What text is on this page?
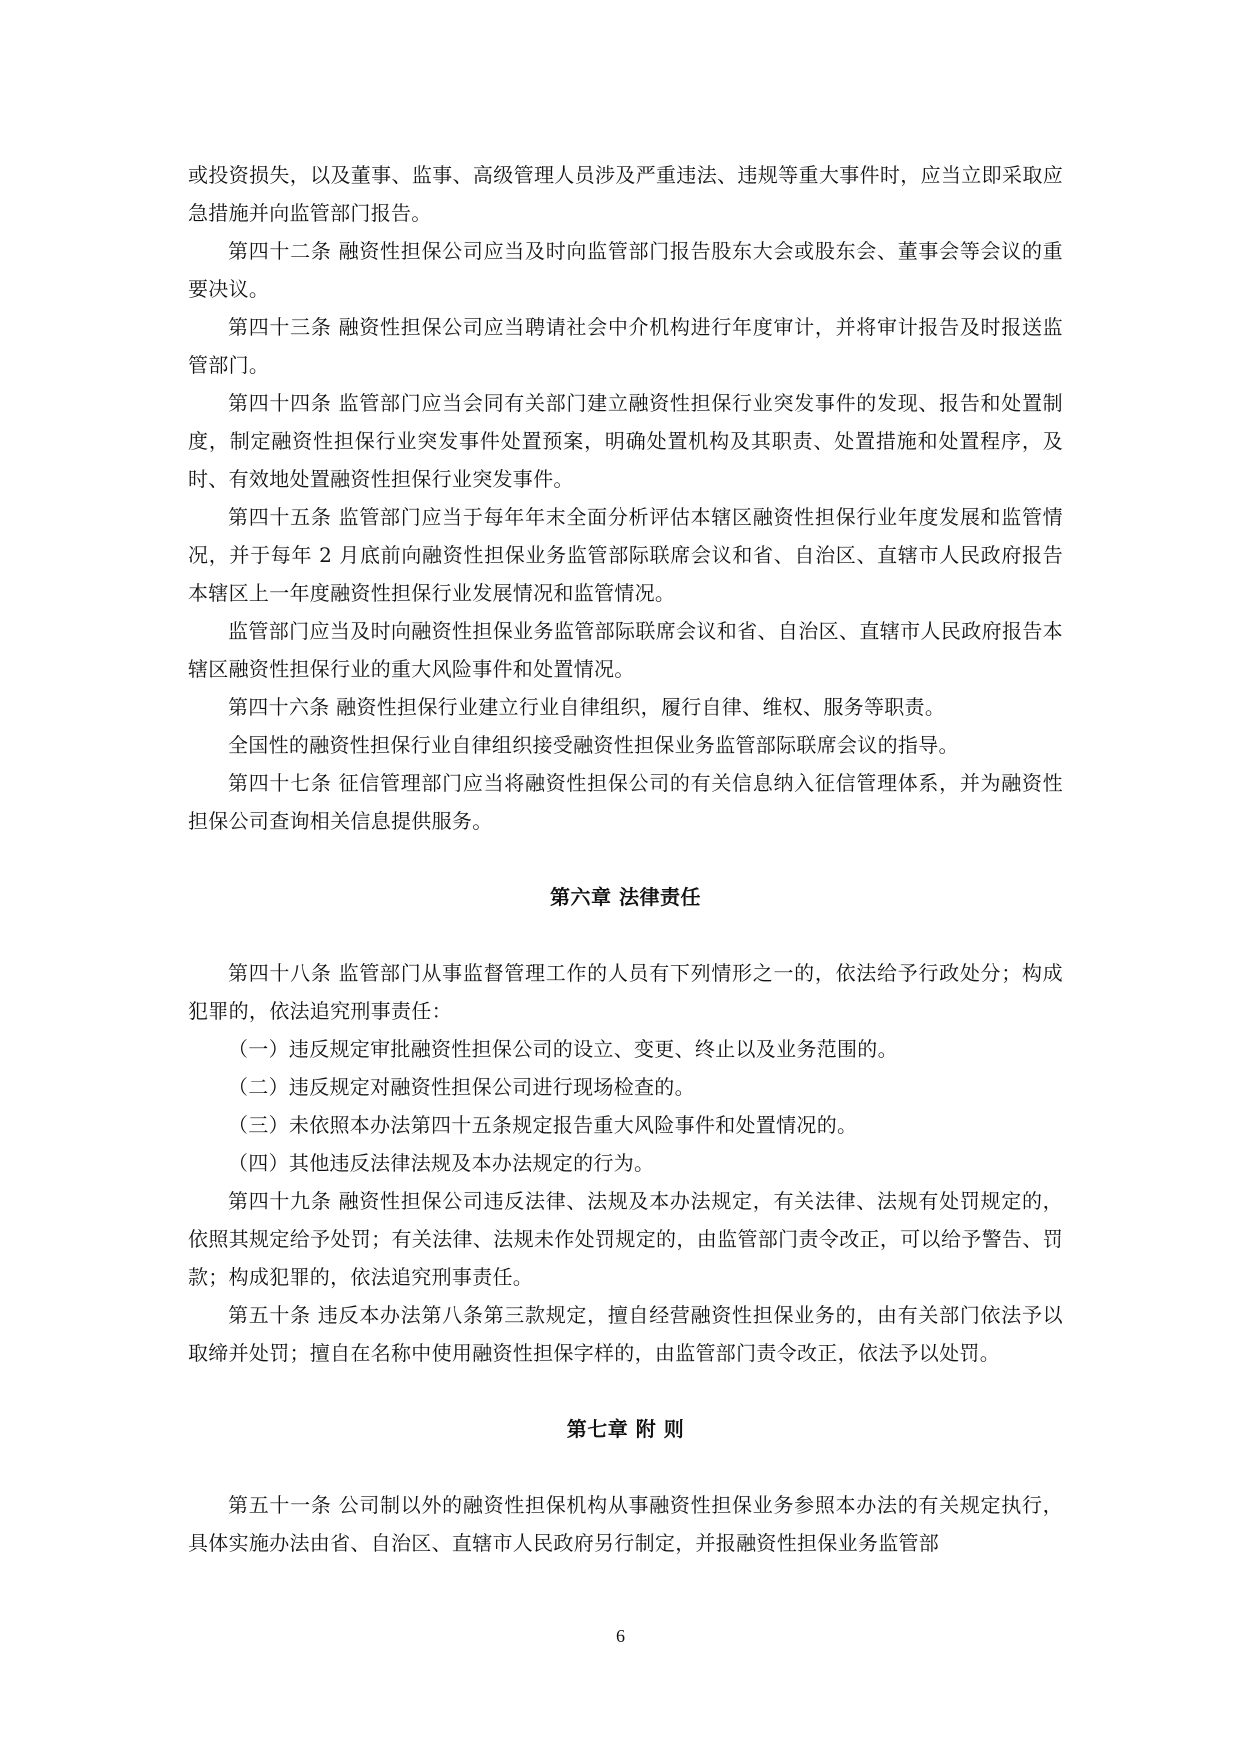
或投资损失，以及董事、监事、高级管理人员涉及严重违法、违规等重大事件时，应当立即采取应急措施并向监管部门报告。

第四十二条 融资性担保公司应当及时向监管部门报告股东大会或股东会、董事会等会议的重要决议。

第四十三条 融资性担保公司应当聘请社会中介机构进行年度审计，并将审计报告及时报送监管部门。

第四十四条 监管部门应当会同有关部门建立融资性担保行业突发事件的发现、报告和处置制度，制定融资性担保行业突发事件处置预案，明确处置机构及其职责、处置措施和处置程序，及时、有效地处置融资性担保行业突发事件。

第四十五条 监管部门应当于每年年末全面分析评估本辖区融资性担保行业年度发展和监管情况，并于每年 2 月底前向融资性担保业务监管部际联席会议和省、自治区、直辖市人民政府报告本辖区上一年度融资性担保行业发展情况和监管情况。

监管部门应当及时向融资性担保业务监管部际联席会议和省、自治区、直辖市人民政府报告本辖区融资性担保行业的重大风险事件和处置情况。

第四十六条 融资性担保行业建立行业自律组织，履行自律、维权、服务等职责。

全国性的融资性担保行业自律组织接受融资性担保业务监管部际联席会议的指导。

第四十七条 征信管理部门应当将融资性担保公司的有关信息纳入征信管理体系，并为融资性担保公司查询相关信息提供服务。

第六章 法律责任

第四十八条 监管部门从事监督管理工作的人员有下列情形之一的，依法给予行政处分；构成犯罪的，依法追究刑事责任：

（一）违反规定审批融资性担保公司的设立、变更、终止以及业务范围的。

（二）违反规定对融资性担保公司进行现场检查的。

（三）未依照本办法第四十五条规定报告重大风险事件和处置情况的。

（四）其他违反法律法规及本办法规定的行为。

第四十九条 融资性担保公司违反法律、法规及本办法规定，有关法律、法规有处罚规定的，依照其规定给予处罚；有关法律、法规未作处罚规定的，由监管部门责令改正，可以给予警告、罚款；构成犯罪的，依法追究刑事责任。

第五十条 违反本办法第八条第三款规定，擅自经营融资性担保业务的，由有关部门依法予以取缔并处罚；擅自在名称中使用融资性担保字样的，由监管部门责令改正，依法予以处罚。

第七章 附 则

第五十一条 公司制以外的融资性担保机构从事融资性担保业务参照本办法的有关规定执行，具体实施办法由省、自治区、直辖市人民政府另行制定，并报融资性担保业务监管部

6
